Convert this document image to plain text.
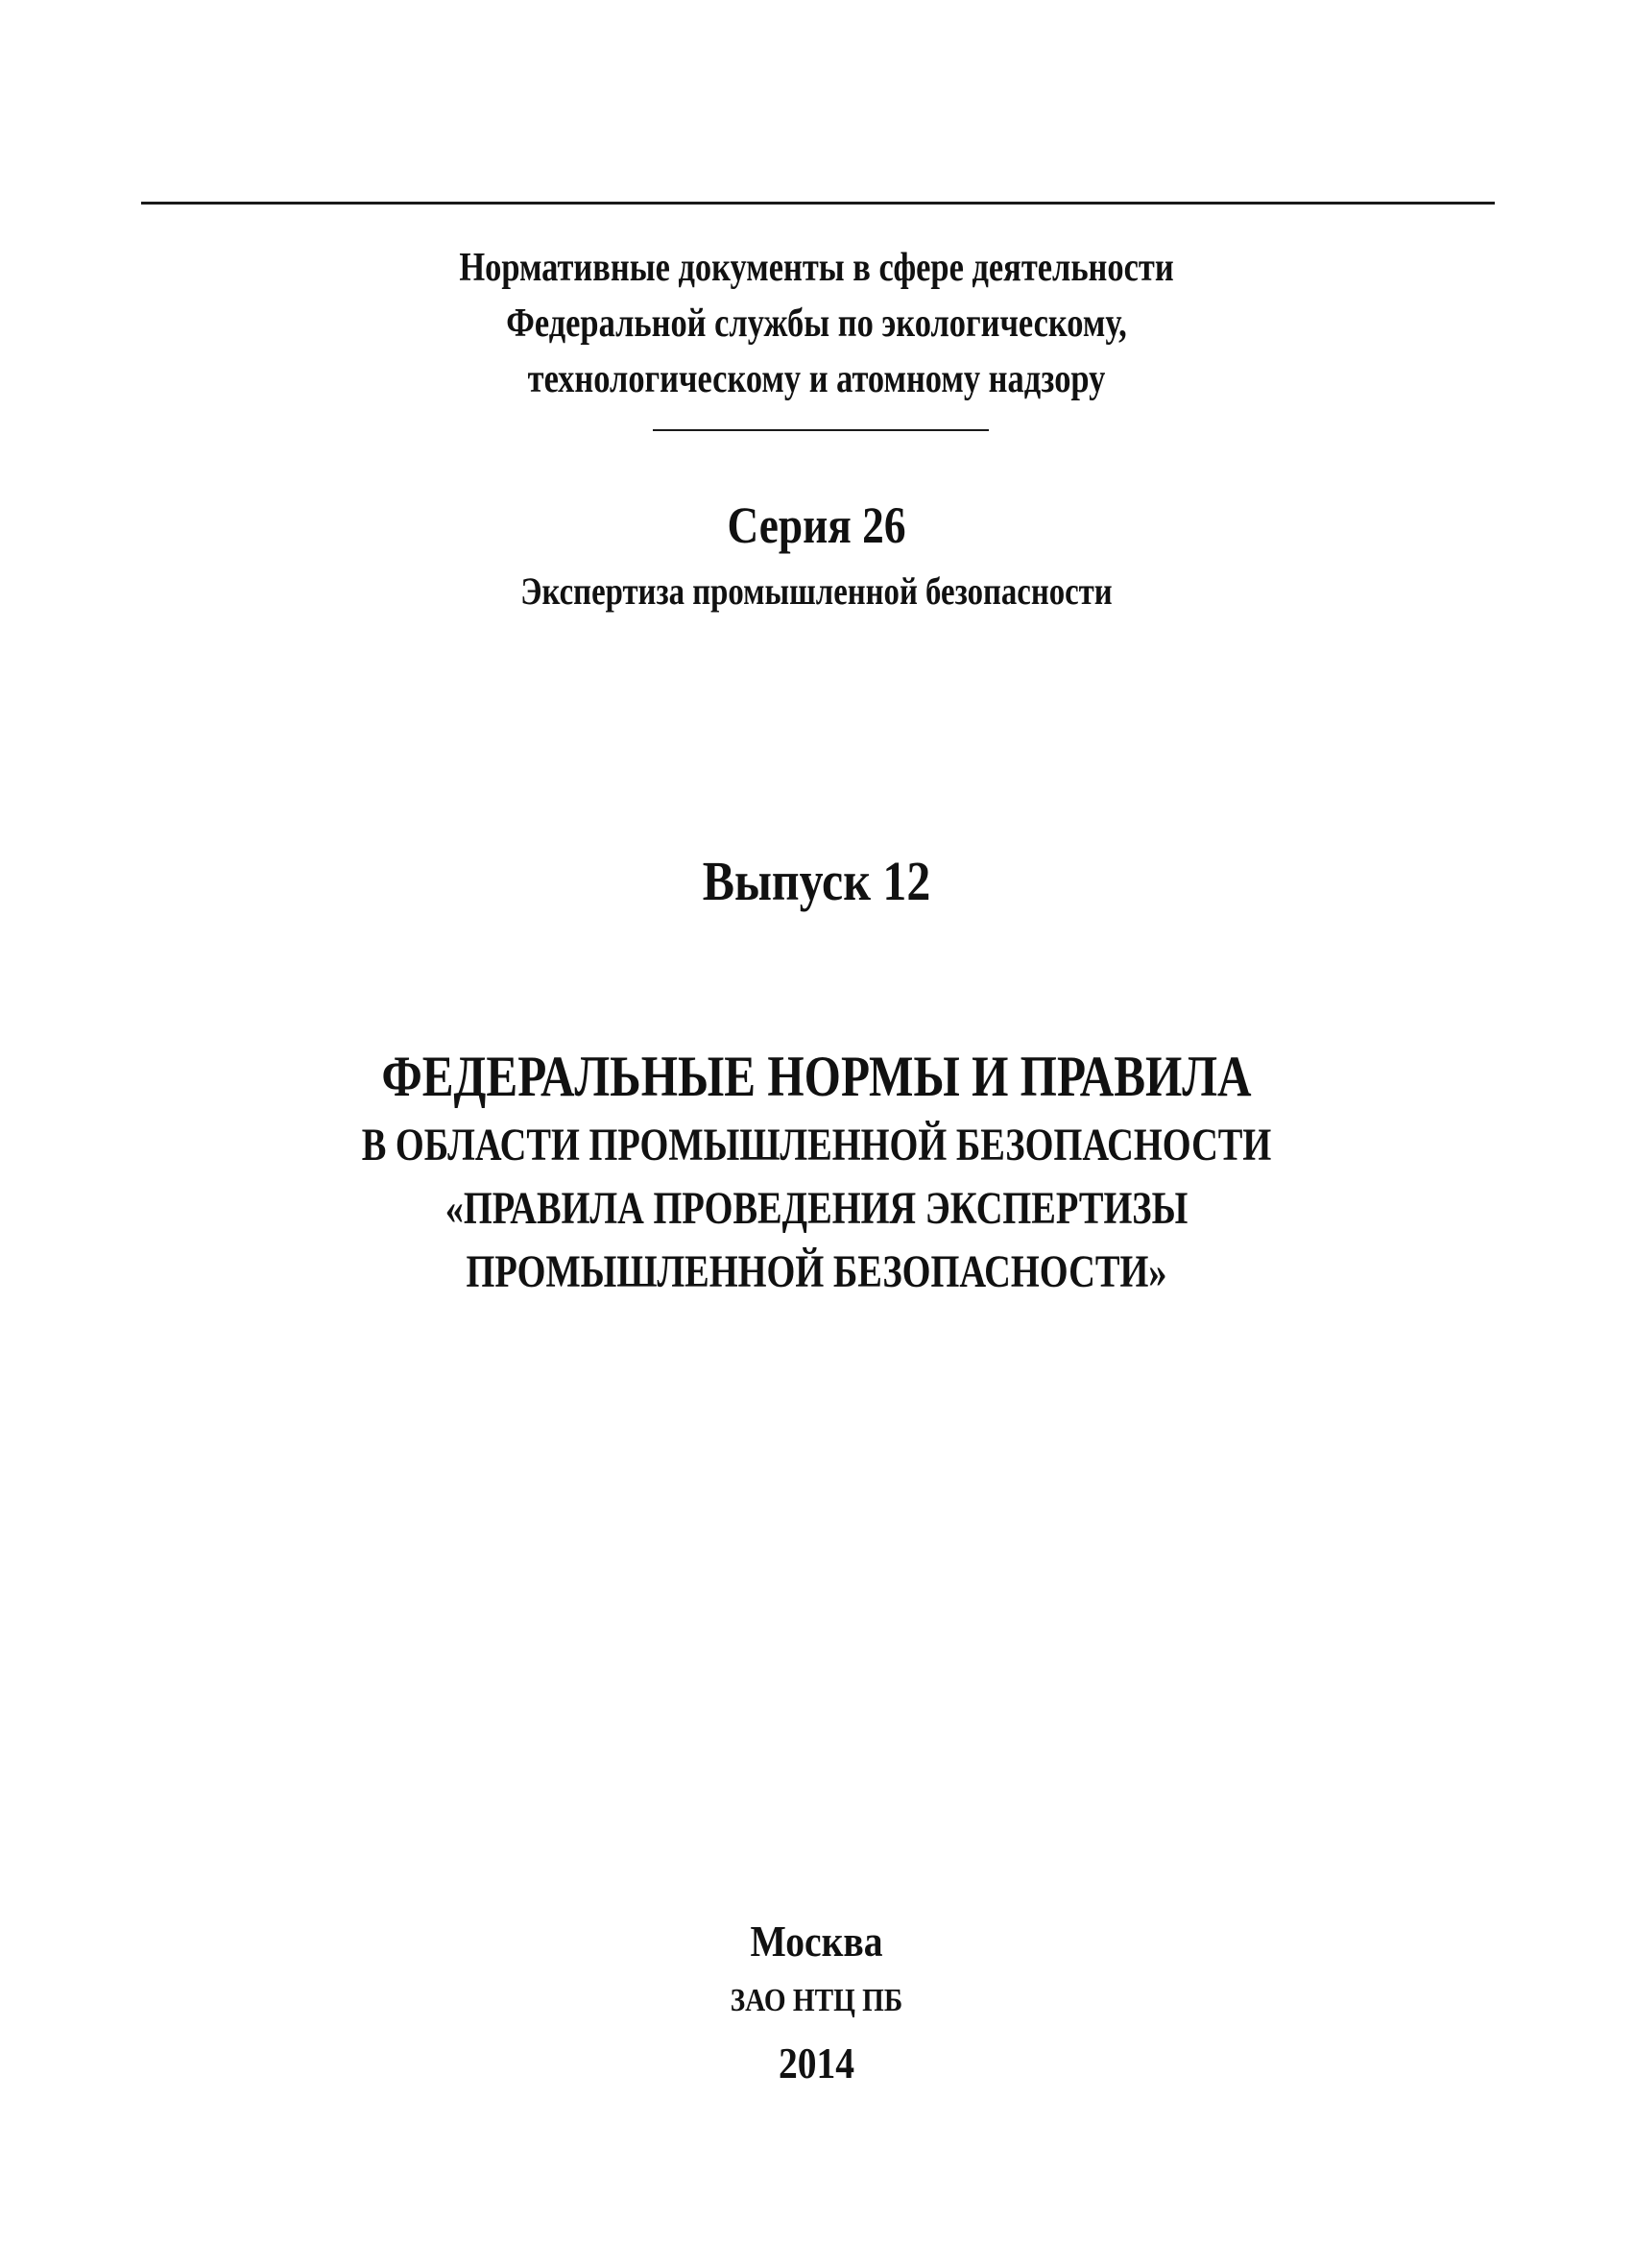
Нормативные документы в сфере деятельности
Федеральной службы по экологическому,
технологическому и атомному надзору
Серия 26
Экспертиза промышленной безопасности
Выпуск 12
ФЕДЕРАЛЬНЫЕ НОРМЫ И ПРАВИЛА
В ОБЛАСТИ ПРОМЫШЛЕННОЙ БЕЗОПАСНОСТИ
«ПРАВИЛА ПРОВЕДЕНИЯ ЭКСПЕРТИЗЫ
ПРОМЫШЛЕННОЙ БЕЗОПАСНОСТИ»
Москва
ЗАО НТЦ ПБ
2014
